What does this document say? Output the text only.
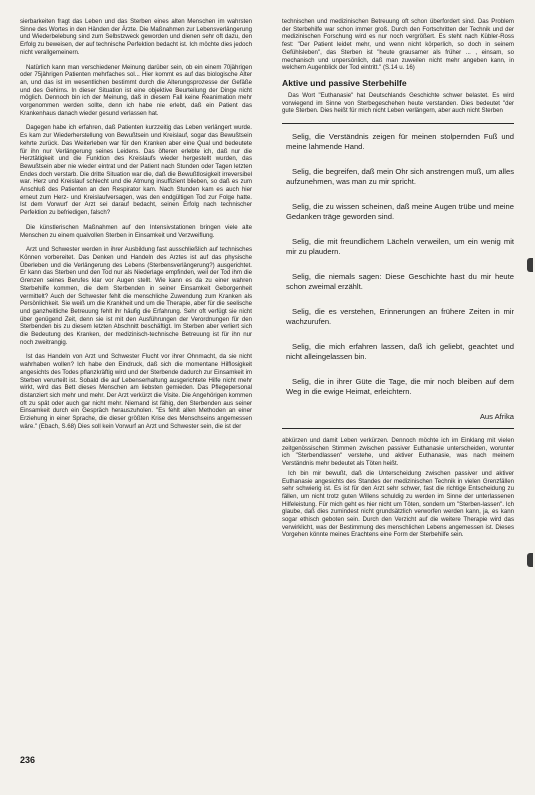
sierbarkeiten fragt das Leben und das Sterben eines alten Menschen im wahrsten Sinne des Wortes in den Händen der Ärzte. Die Maßnahmen zur Lebensverlängerung und Wiederbelebung sind zum Selbstzweck geworden und dienen sehr oft dazu, den Erfolg zu beweisen, der auf technische Perfektion bedacht ist. Ich möchte dies jedoch nicht verallgemeinern.

Natürlich kann man verschiedener Meinung darüber sein, ob ein einem 70jährigen oder 75jährigen Patienten mehrfaches sol... Hier kommt es auf das biologische Alter an, und das ist im wesentlichen bestimmt durch die Alterungsprozesse der Gefäße und des Gehirns. In dieser Situation ist eine objektive Beurteilung der Dinge nicht möglich. Dennoch bin ich der Meinung, daß in diesem Fall keine Reanimation mehr vorgenommen werden sollte, denn ich habe nie erlebt, daß ein Patient das Krankenhaus danach wieder gesund verlassen hat.

Dagegen habe ich erfahren, daß Patienten kurzzeitig das Leben verlängert wurde. Es kam zur Wiederherstellung von Bewußtsein und Kreislauf, sogar das Bewußtsein kehrte zurück. Das Weiterleben war für den Kranken aber eine Qual und bedeutete für ihn nur Verlängerung seines Leidens. Das öfteren erlebte ich, daß nur die Herztätigkeit und die Funktion des Kreislaufs wieder hergestellt wurden, das Bewußtsein aber nie wieder eintrat und der Patient nach Stunden oder Tagen letzten Endes doch verstarb. Die dritte Situation war die, daß die Bewußtlosigkeit irreversibel war. Herz und Kreislauf schlecht und die Atmung insuffizient blieben, so daß es zum Anschluß des Patienten an den Respirator kam. Nach Stunden kam es auch hier erneut zum Herz- und Kreislaufversagen, was den endgültigen Tod zur Folge hatte. Ist dem Vorwurf der Arzt sei darauf bedacht, seinen Erfolg nach technischer Perfektion zu befriedigen, falsch?

Die künstlerischen Maßnahmen auf den Intensivstationen bringen viele alte Menschen zu einem qualvollen Sterben in Einsamkeit und Verzweiflung.

Arzt und Schwester werden in ihrer Ausbildung fast ausschließlich auf technisches Können vorbereitet. Das Denken und Handeln des Arztes ist auf das physische Überleben und die Verlängerung des Lebens (Sterbensverlängerung?) ausgerichtet. Er kann das Sterben und den Tod nur als Niederlage empfinden, weil der Tod ihm die Grenzen seines Berufes klar vor Augen stellt. Wie kann es da zu einer wahren Sterbehilfe kommen, die dem Sterbenden in seiner Einsamkeit Geborgenheit vermittelt? Auch der Schwester fehlt die menschliche Zuwendung zum Kranken als Persönlichkeit. Sie weiß um die Krankheit und um die Therapie, aber für die seelische und ganzheitliche Betreuung fehlt ihr häufig die Erfahrung. Sehr oft verfügt sie nicht über genügend Zeit, denn sie ist mit den Ausführungen der Verordnungen für den Sterbenden bis zu diesem letzten Abschnitt beschäftigt. Im Sterben aber verliert sich die Bedeutung des Kranken, der medizinisch-technische Betreuung ist für ihn nur noch zweitrangig.

Ist das Handeln von Arzt und Schwester Flucht vor ihrer Ohnmacht, da sie nicht wahrhaben wollen? Ich habe den Eindruck, daß sich die momentane Hilflosigkeit angesichts des Todes pflanzkräftig wird und der Sterbende dadurch zur Einsamkeit im Sterben verurteilt ist. Sobald die auf Lebenserhaltung ausgerichtete Hilfe nicht mehr wirkt, wird das Bett dieses Menschen am liebsten gemieden. Das Pflegepersonal distanziert sich mehr und mehr. Der Arzt verkürzt die Visite. Die Angehörigen kommen oft zu spät oder auch gar nicht mehr. Niemand ist fähig, den Sterbenden aus seiner Einsamkeit durch ein Gespräch herauszuholen. "Es fehlt allen Methoden an einer Erziehung in einer Sprache, die dieser größten Krise des Menschseins angemessen wäre." (Ebach, S.68) Dies soll kein Vorwurf an Arzt und Schwester sein, die ist der

technischen und medizinischen Betreuung oft schon überfordert sind. Das Problem der Sterbehilfe war schon immer groß. Durch den Fortschritten der Technik und der medizinischen Forschung wird es nur noch vergrößert. Es steht nach Kübler-Ross fest: "Der Patient leidet mehr, und wenn nicht körperlich, so doch in seinem Gefühlsleben", das Sterben ist "heute grausamer als früher ... , einsam, so mechanisch und unpersönlich, daß man zuweilen nicht mehr angeben kann, in welchem Augenblick der Tod eintritt." (S.14 u. 16)

Aktive und passive Sterbehilfe

Das Wort "Euthanasie" hat Deutschlands Geschichte schwer belastet. Es wird vorwiegend im Sinne von Sterbegeschehen heute verstanden. Dies bedeutet "der gute Sterben. Dies heißt für mich nicht Leben verlängern, aber auch nicht Sterben

Selig, die Verständnis zeigen für meinen stolpernden Fuß und meine lahmende Hand.

Selig, die begreifen, daß mein Ohr sich anstrengen muß, um alles aufzunehmen, was man zu mir spricht.

Selig, die zu wissen scheinen, daß meine Augen trübe und meine Gedanken träge geworden sind.

Selig, die mit freundlichem Lächeln verweilen, um ein wenig mit mir zu plaudern.

Selig, die niemals sagen: Diese Geschichte hast du mir heute schon zweimal erzählt.

Selig, die es verstehen, Erinnerungen an frühere Zeiten in mir wachzurufen.

Selig, die mich erfahren lassen, daß ich geliebt, geachtet und nicht alleingelassen bin.

Selig, die in ihrer Güte die Tage, die mir noch bleiben auf dem Weg in die ewige Heimat, erleichtern.

Aus Afrika

abkürzen und damit Leben verkürzen. Dennoch möchte ich im Einklang mit vielen zeitgenössischen Stimmen zwischen passiver Euthanasie unterscheiden, worunter ich "Sterbendlassen" verstehe, und aktiver Euthanasie, was nach meinem Verständnis mehr bedeutet als Töten heißt.

Ich bin mir bewußt, daß die Unterscheidung zwischen passiver und aktiver Euthanasie angesichts des Standes der medizinischen Technik in vielen Grenzfällen sehr schwierig ist. Es ist für den Arzt sehr schwer, fast die richtige Entscheidung zu fällen, um nicht trotz guten Willens schuldig zu werden im Sinne der unterlassenen Hilfeleistung. Für mich geht es hier nicht um Töten, sondern um "Sterben-lassen". Ich glaube, daß dies zumindest nicht grundsätzlich verworfen werden kann, ja, es kann sogar ethisch geboten sein. Durch den Verzicht auf die weitere Therapie wird das verwirklicht, was der Bestimmung des menschlichen Lebens angemessen ist. Dieses Vorgehen könnte meines Erachtens eine Form der Sterbehilfe sein.

236
